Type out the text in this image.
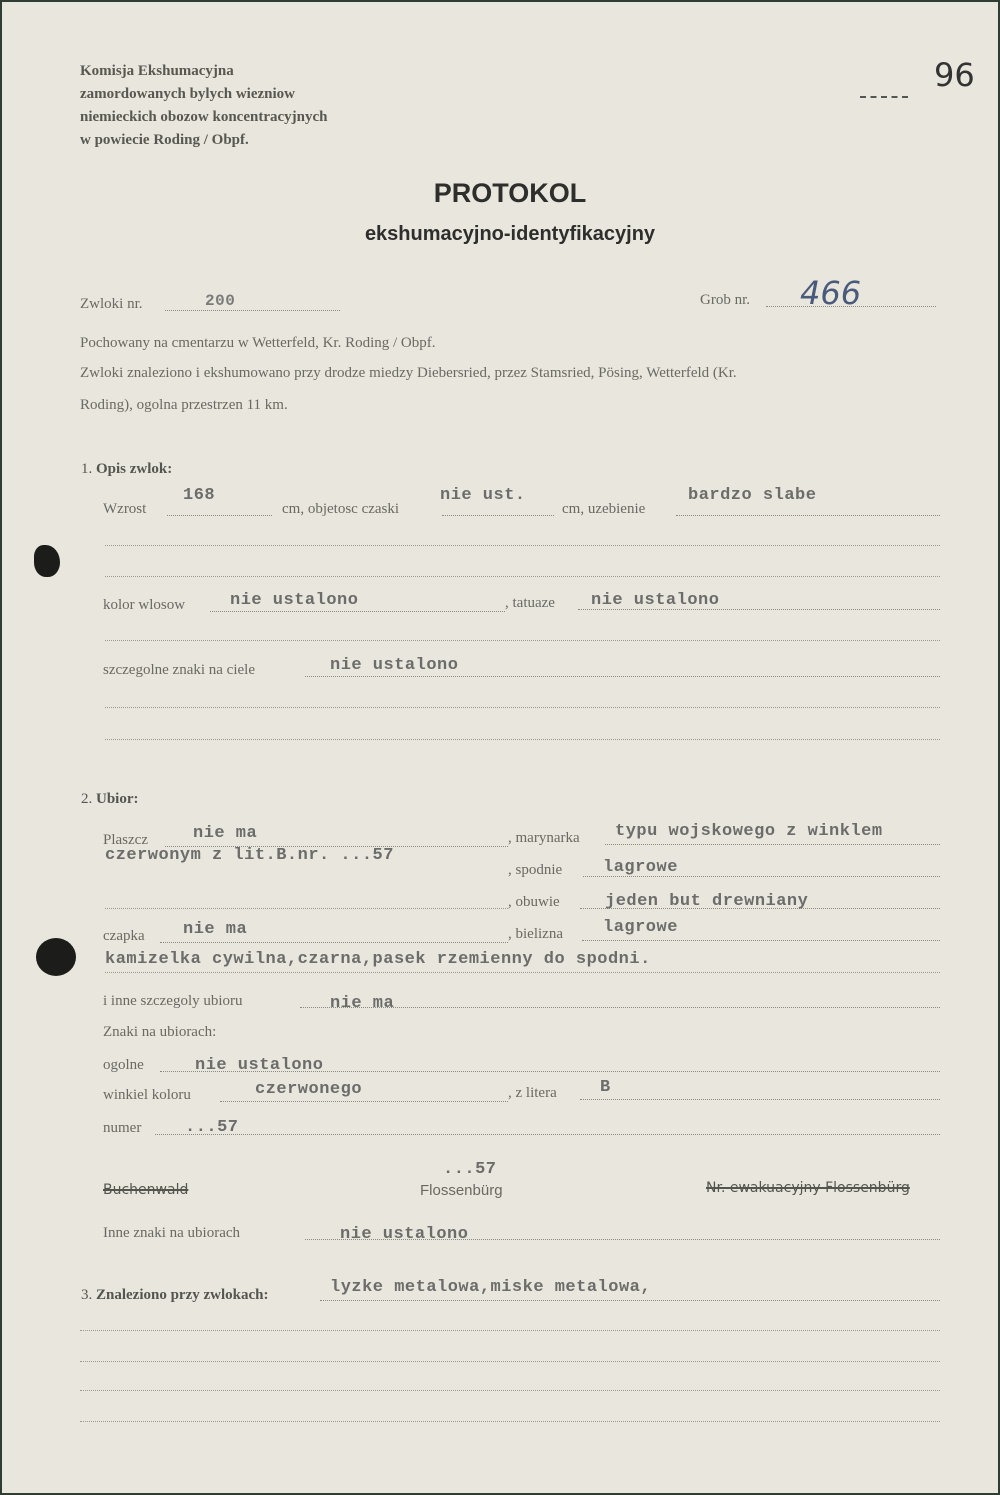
Komisja Ekshumacyjna
zamordowanych bylych wiezniow
niemieckich obozow koncentracyjnych
w powiecie Roding / Obpf.
96
PROTOKOL
ekshumacyjno-identyfikacyjny
Zwloki nr.	200	Grob nr. 466
Pochowany na cmentarzu w Wetterfeld, Kr. Roding / Obpf.
Zwloki znaleziono i ekshumowano przy drodze miedzy Diebersried, przez Stamsried, Pösing, Wetterfeld (Kr.
Roding), ogolna przestrzen 11 km.
1. Opis zwlok:
Wzrost
168
cm, objetosc czaski
nie ust.
cm, uzebienie
bardzo slabe
kolor wlosow	nie ustalono	, tatuaze nie ustalono
szczegolne znaki na ciele	nie ustalono
2. Ubior:
Plaszcz	nie ma	, marynarka typu wojskowego z winklem
czerwonym z lit.B.nr. ...57
, spodnie lagrowe
, obuwie	jeden but drewniany
czapka nie ma	, bielizna lagrowe
kamizelka cywilna,czarna,pasek rzemienny do spodni.
i inne szczegoly ubioru	nie ma
Znaki na ubiorach:
ogolne	nie ustalono
winkiel koloru	czerwonego	, z litera	B
numer	...57
Buchenwald
...57
Flossenbürg	Nr. ewakuacyjny Flossenbürg
Inne znaki na ubiorach	nie ustalono
3. Znaleziono przy zwlokach:	lyzke metalowa,miske metalowa,
